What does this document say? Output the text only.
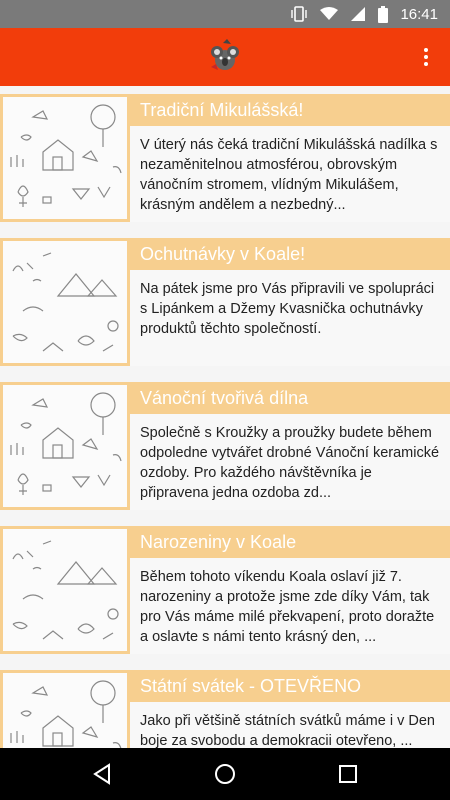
16:41
Tradiční Mikulášská!
V úterý nás čeká tradiční Mikulášská nadílka s nezaměnitelnou atmosférou, obrovským vánočním stromem, vlídným Mikulášem, krásným andělem a nezbedný...
Ochutnávky v Koale!
Na pátek jsme pro Vás připravili ve spolupráci s Lipánkem a Džemy Kvasnička ochutnávky produktů těchto společností.
Vánoční tvořivá dílna
Společně s Kroužky a proužky budete během odpoledne vytvářet drobné Vánoční keramické ozdoby. Pro každého návštěvníka je připravena jedna ozdoba zd...
Narozeniny v Koale
Během tohoto víkendu Koala oslaví již 7. narozeniny a protože jsme zde díky Vám, tak pro Vás máme milé překvapení, proto doražte a oslavte s námi tento krásný den, ...
Státní svátek - OTEVŘENO
Jako při většině státních svátků máme i v Den boje za svobodu a demokracii otevřeno, ...
